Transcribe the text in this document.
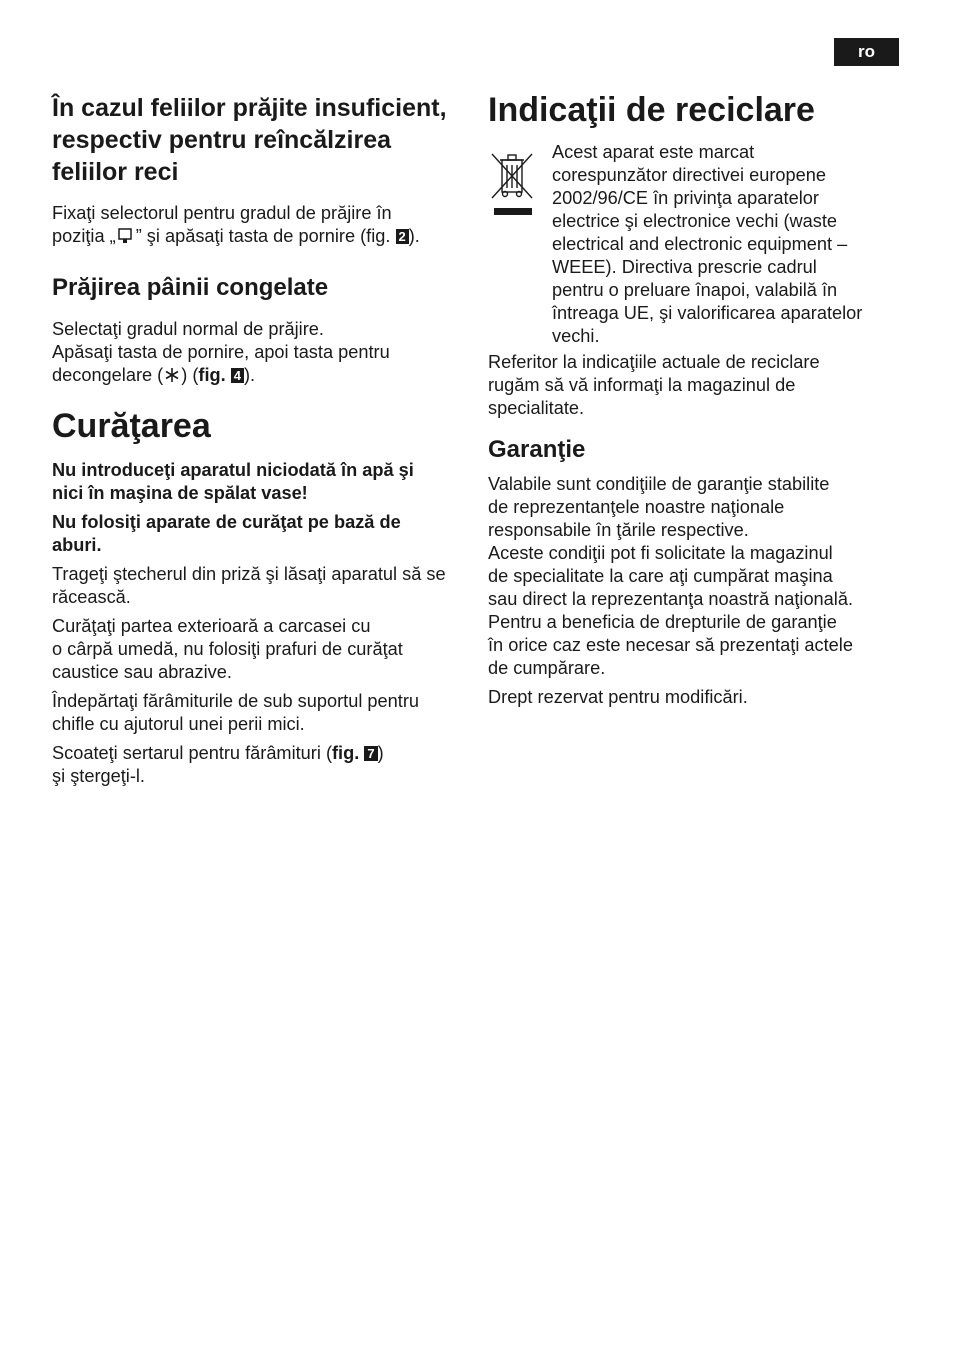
ro
În cazul feliilor prăjite insuficient, respectiv pentru reîncălzirea feliilor reci

Fixaţi selectorul pentru gradul de prăjire în

poziţia „ ” şi apăsaţi tasta de pornire (fig. 2 ).

Prăjirea pâinii congelate

Selectaţi gradul normal de prăjire.

Apăsaţi tasta de pornire, apoi tasta pentru

decongelare ( ) (fig. 4 ).

Curăţarea

Nu introduceţi aparatul niciodată în apă şi nici în maşina de spălat vase!

Nu folosiţi aparate de curăţat pe bază de aburi.

Trageţi ştecherul din priză şi lăsaţi aparatul să se răcească.

Curăţaţi partea exterioară a carcasei cu

o cârpă umedă, nu folosiţi prafuri de curăţat

caustice sau abrazive.

Îndepărtaţi fărâmiturile de sub suportul pentru chifle cu ajutorul unei perii mici.

Scoateţi sertarul pentru fărâmituri (fig. 7 )

şi ştergeţi-l.

Indicaţii de reciclare

Acest aparat este marcat

corespunzător directivei europene

2002/96/CE în privinţa aparatelor

electrice şi electronice vechi (waste

electrical and electronic equipment –

WEEE). Directiva prescrie cadrul

pentru o preluare înapoi, valabilă în

întreaga UE, şi valorificarea aparatelor

vechi.

Referitor la indicaţiile actuale de reciclare

rugăm să vă informaţi la magazinul de

specialitate.

Garanţie

Valabile sunt condiţiile de garanţie stabilite

de reprezentanţele noastre naţionale

responsabile în ţările respective.

Aceste condiţii pot fi solicitate la magazinul

de specialitate la care aţi cumpărat maşina

sau direct la reprezentanţa noastră naţională.

Pentru a beneficia de drepturile de garanţie

în orice caz este necesar să prezentaţi actele

de cumpărare.

Drept rezervat pentru modificări.
